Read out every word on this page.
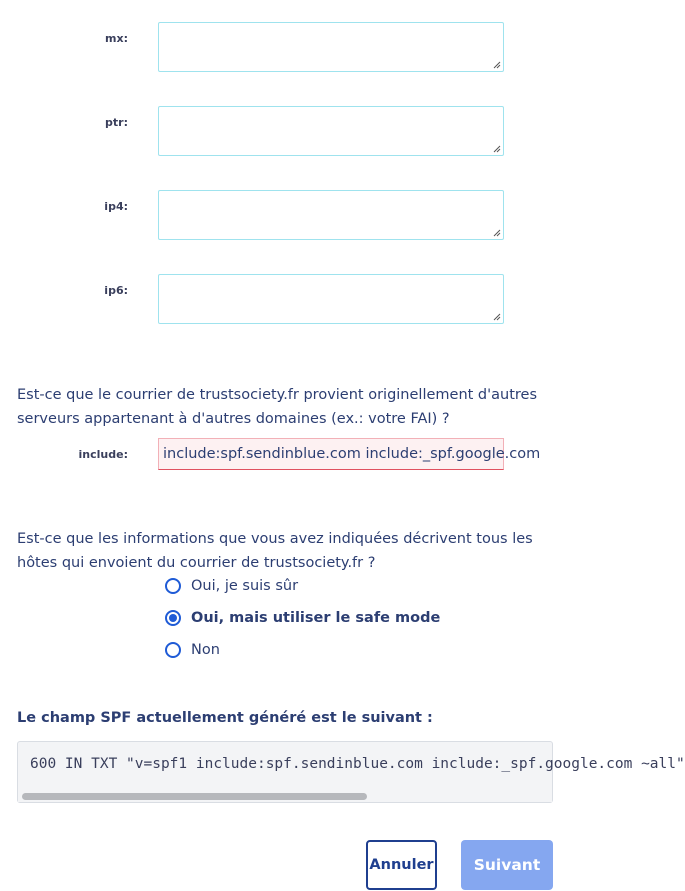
mx:
ptr:
ip4:
ip6:
Est-ce que le courrier de trustsociety.fr provient originellement d'autres serveurs appartenant à d'autres domaines (ex.: votre FAI) ?
include:	include:spf.sendinblue.com include:_spf.google.com
Est-ce que les informations que vous avez indiquées décrivent tous les hôtes qui envoient du courrier de trustsociety.fr ?
Oui, je suis sûr
Oui, mais utiliser le safe mode
Non
Le champ SPF actuellement généré est le suivant :
600 IN TXT "v=spf1 include:spf.sendinblue.com include:_spf.google.com ~all"
Annuler	Suivant
